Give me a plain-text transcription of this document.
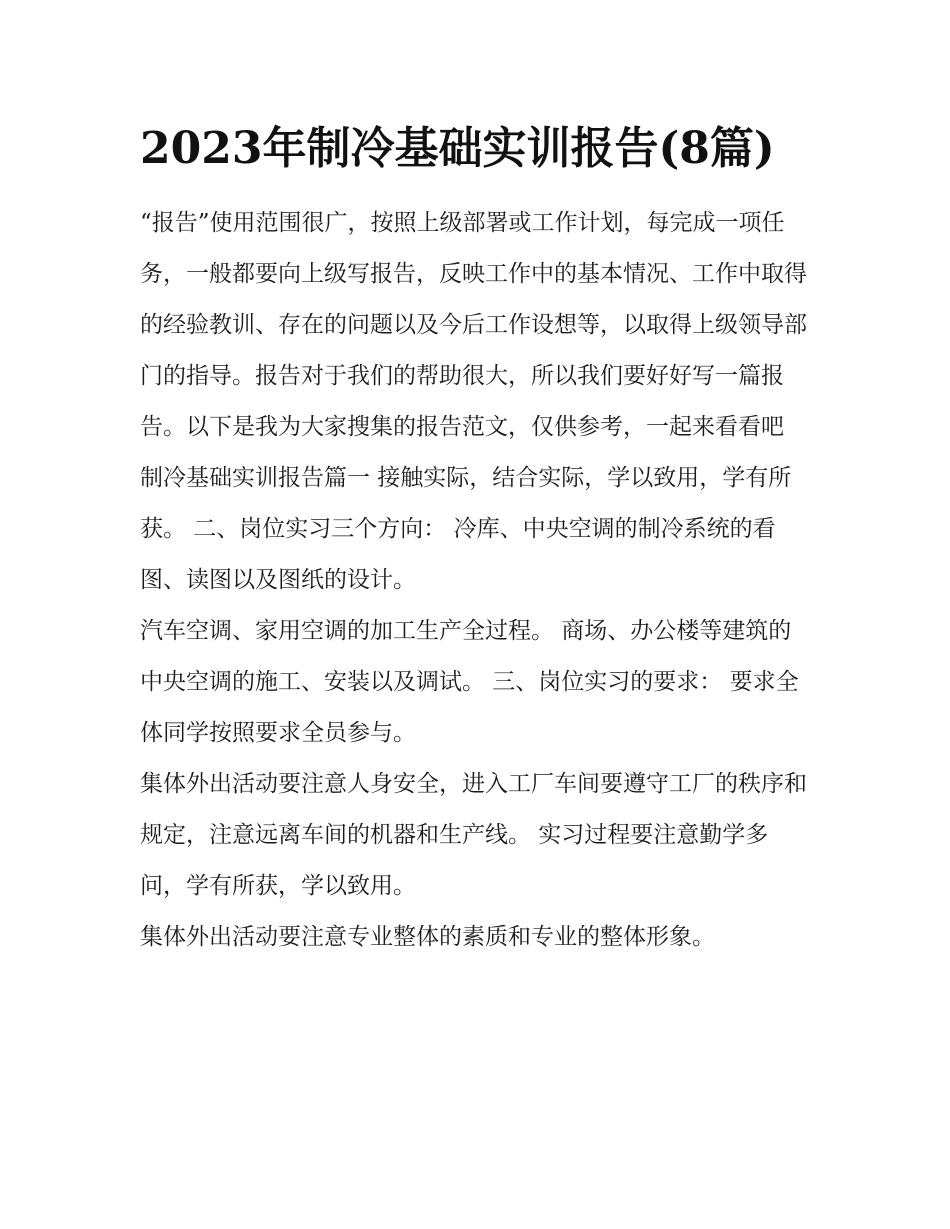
2023年制冷基础实训报告(8篇)

“报告”使用范围很广，按照上级部署或工作计划，每完成一项任务，一般都要向上级写报告，反映工作中的基本情况、工作中取得的经验教训、存在的问题以及今后工作设想等，以取得上级领导部门的指导。报告对于我们的帮助很大，所以我们要好好写一篇报告。以下是我为大家搜集的报告范文，仅供参考，一起来看看吧

制冷基础实训报告篇一 接触实际，结合实际，学以致用，学有所获。 二、岗位实习三个方向： 冷库、中央空调的制冷系统的看图、读图以及图纸的设计。

汽车空调、家用空调的加工生产全过程。 商场、办公楼等建筑的中央空调的施工、安装以及调试。 三、岗位实习的要求： 要求全体同学按照要求全员参与。

集体外出活动要注意人身安全，进入工厂车间要遵守工厂的秩序和规定，注意远离车间的机器和生产线。 实习过程要注意勤学多问，学有所获，学以致用。

集体外出活动要注意专业整体的素质和专业的整体形象。
